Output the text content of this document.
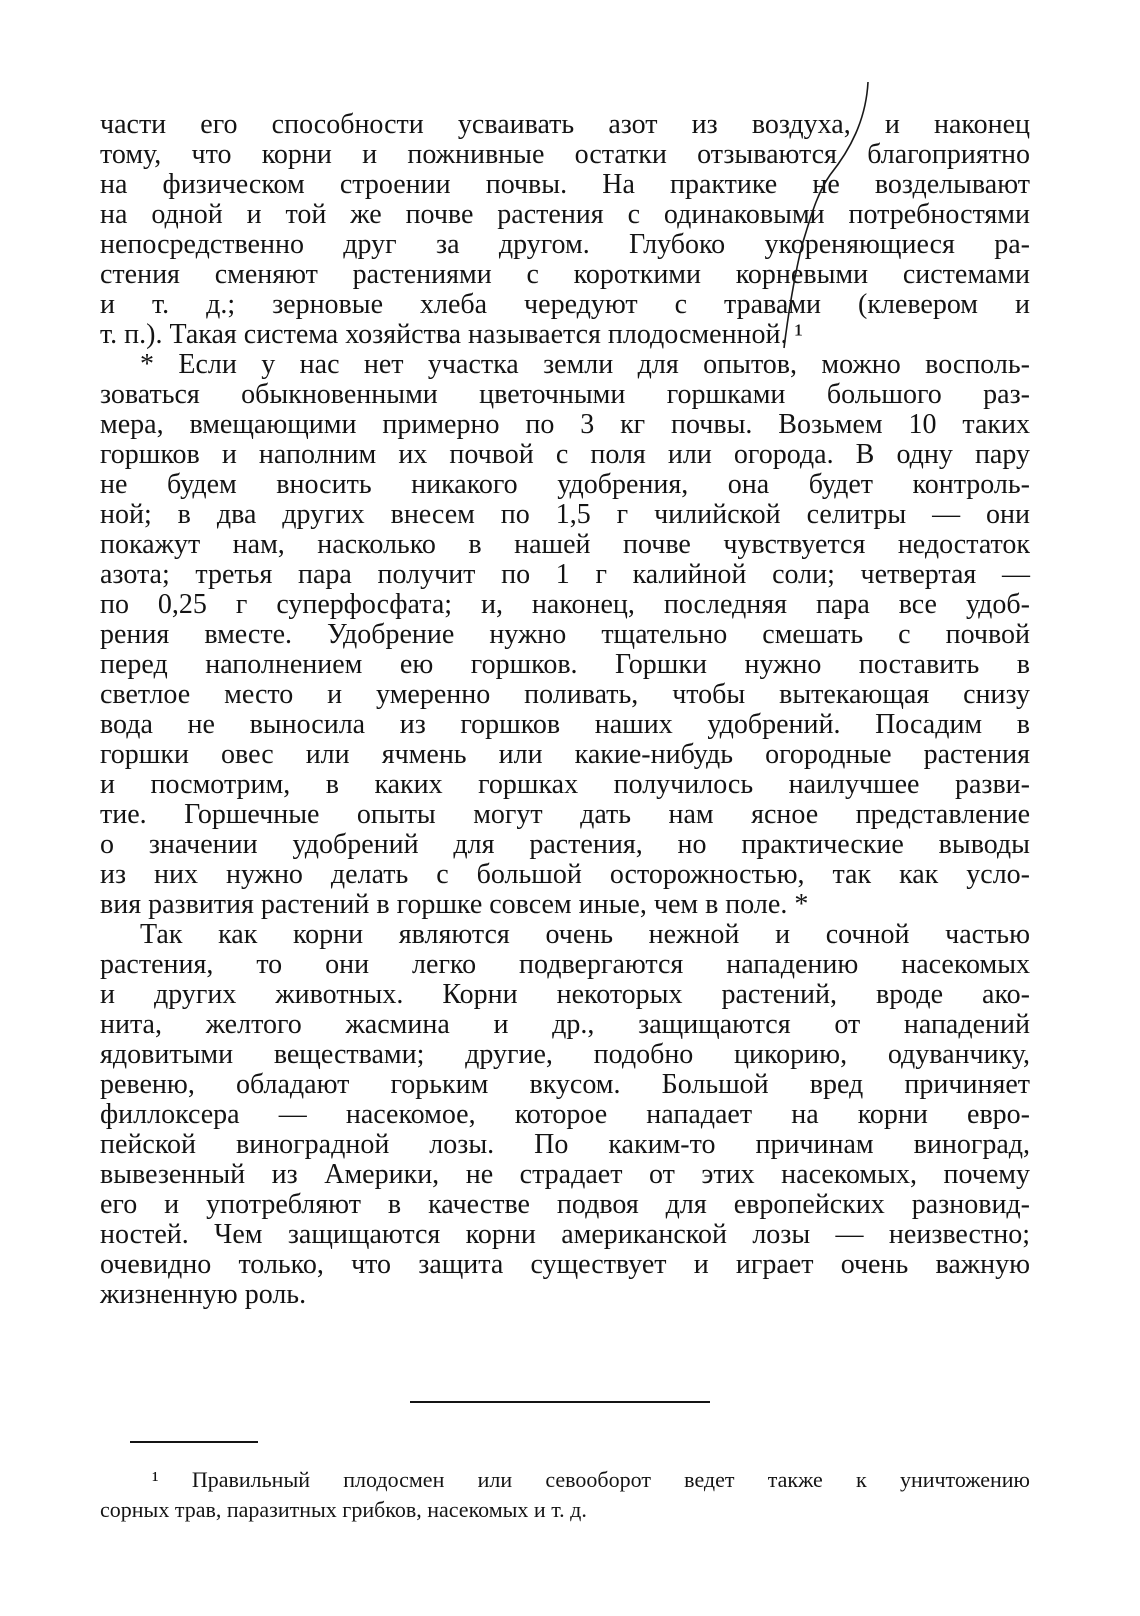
части его способности усваивать азот из воздуха, и наконец
тому, что корни и пожнивные остатки отзываются благоприятно
на физическом строении почвы. На практике не возделывают
на одной и той же почве растения с одинаковыми потребностями
непосредственно друг за другом. Глубоко укореняющиеся ра-
стения сменяют растениями с короткими корневыми системами
и т. д.; зерновые хлеба чередуют с травами (клевером и
т. п.). Такая система хозяйства называется плодосменной. ¹
* Если у нас нет участка земли для опытов, можно восполь-
зоваться обыкновенными цветочными горшками большого раз-
мера, вмещающими примерно по 3 кг почвы. Возьмем 10 таких
горшков и наполним их почвой с поля или огорода. В одну пару
не будем вносить никакого удобрения, она будет контроль-
ной; в два других внесем по 1,5 г чилийской селитры — они
покажут нам, насколько в нашей почве чувствуется недостаток
азота; третья пара получит по 1 г калийной соли; четвертая —
по 0,25 г суперфосфата; и, наконец, последняя пара все удоб-
рения вместе. Удобрение нужно тщательно смешать с почвой
перед наполнением ею горшков. Горшки нужно поставить в
светлое место и умеренно поливать, чтобы вытекающая снизу
вода не выносила из горшков наших удобрений. Посадим в
горшки овес или ячмень или какие-нибудь огородные растения
и посмотрим, в каких горшках получилось наилучшее разви-
тие. Горшечные опыты могут дать нам ясное представление
о значении удобрений для растения, но практические выводы
из них нужно делать с большой осторожностью, так как усло-
вия развития растений в горшке совсем иные, чем в поле. *
Так как корни являются очень нежной и сочной частью
растения, то они легко подвергаются нападению насекомых
и других животных. Корни некоторых растений, вроде ако-
нита, желтого жасмина и др., защищаются от нападений
ядовитыми веществами; другие, подобно цикорию, одуванчику,
ревеню, обладают горьким вкусом. Большой вред причиняет
филлоксера — насекомое, которое нападает на корни евро-
пейской виноградной лозы. По каким-то причинам виноград,
вывезенный из Америки, не страдает от этих насекомых, почему
его и употребляют в качестве подвоя для европейских разновид-
ностей. Чем защищаются корни американской лозы — неизвестно;
очевидно только, что защита существует и играет очень важную
жизненную роль.
¹ Правильный плодосмен или севооборот ведет также к уничтожению
сорных трав, паразитных грибков, насекомых и т. д.
